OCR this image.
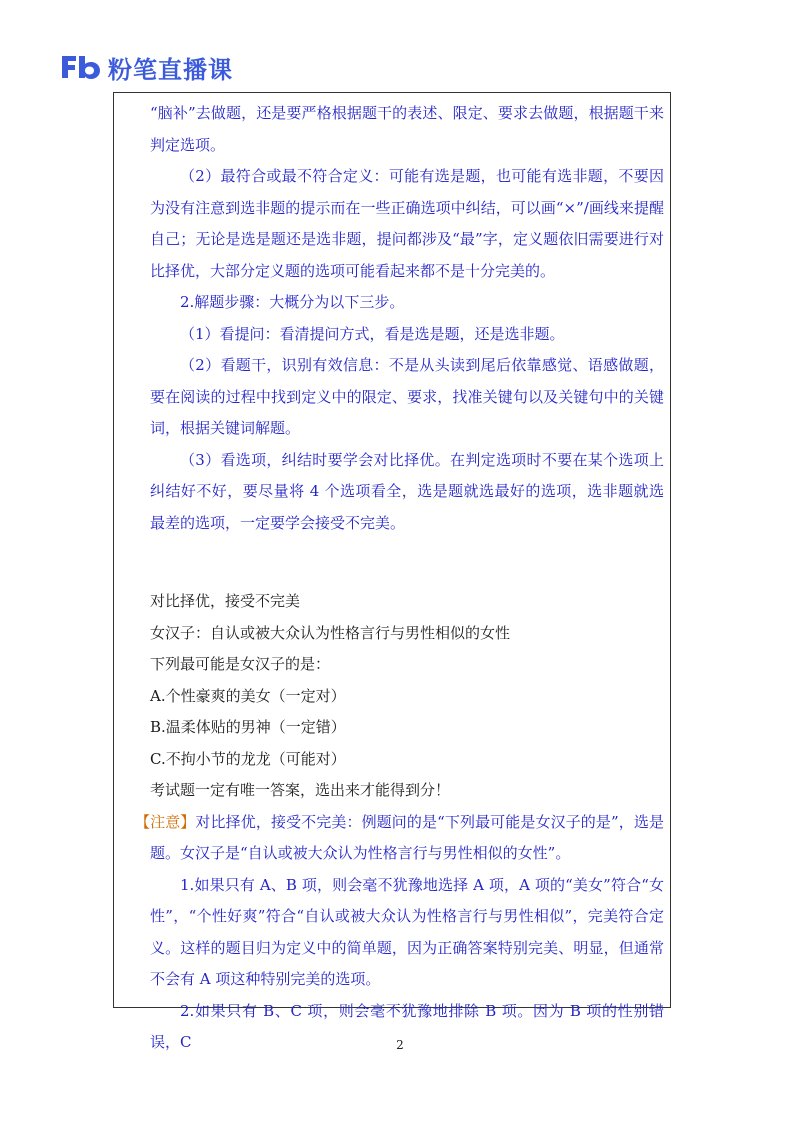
粉笔直播课

“脑补”去做题，还是要严格根据题干的表述、限定、要求去做题，根据题干来判定选项。

（2）最符合或最不符合定义：可能有选是题，也可能有选非题，不要因为没有注意到选非题的提示而在一些正确选项中纠结，可以画“×”/画线来提醒自己；无论是选是题还是选非题，提问都涉及“最”字，定义题依旧需要进行对比择优，大部分定义题的选项可能看起来都不是十分完美的。

2.解题步骤：大概分为以下三步。

（1）看提问：看清提问方式，看是选是题，还是选非题。

（2）看题干，识别有效信息：不是从头读到尾后依靠感觉、语感做题，要在阅读的过程中找到定义中的限定、要求，找准关键句以及关键句中的关键词，根据关键词解题。

（3）看选项，纠结时要学会对比择优。在判定选项时不要在某个选项上纠结好不好，要尽量将 4 个选项看全，选是题就选最好的选项，选非题就选最差的选项，一定要学会接受不完美。

对比择优，接受不完美

女汉子：自认或被大众认为性格言行与男性相似的女性

下列最可能是女汉子的是：

A.个性豪爽的美女（一定对）

B.温柔体贴的男神（一定错）

C.不拘小节的龙龙（可能对）

考试题一定有唯一答案，选出来才能得到分！

【注意】对比择优，接受不完美：例题问的是“下列最可能是女汉子的是”，选是题。女汉子是“自认或被大众认为性格言行与男性相似的女性”。

1.如果只有 A、B 项，则会毫不犹豫地选择 A 项，A 项的“美女”符合“女性”，“个性好爽”符合“自认或被大众认为性格言行与男性相似”，完美符合定义。这样的题目归为定义中的简单题，因为正确答案特别完美、明显，但通常不会有 A 项这种特别完美的选项。

2.如果只有 B、C 项，则会毫不犹豫地排除 B 项。因为 B 项的性别错误，C	2
